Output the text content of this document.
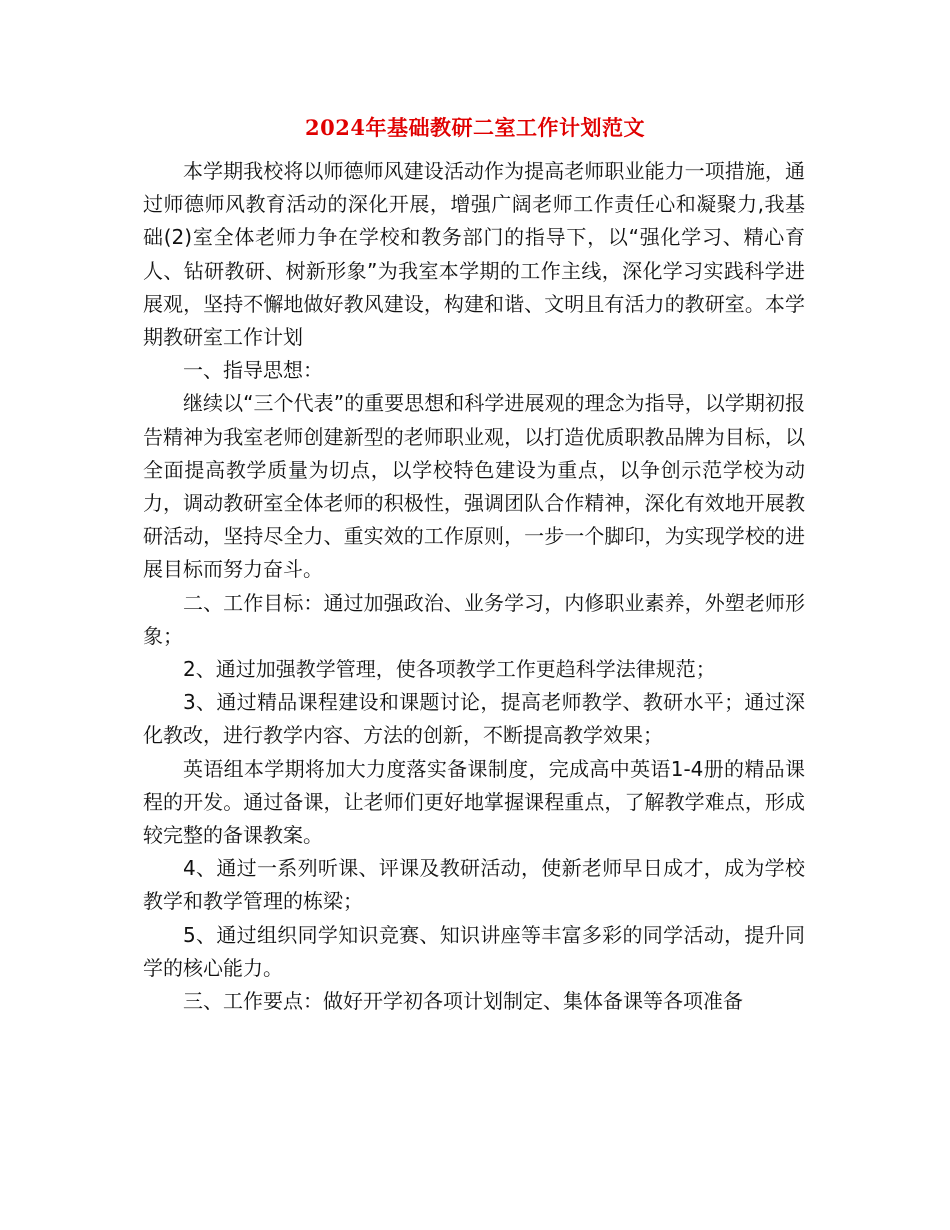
2024年基础教研二室工作计划范文

本学期我校将以师德师风建设活动作为提高老师职业能力一项措施，通过师德师风教育活动的深化开展，增强广阔老师工作责任心和凝聚力,我基础(2)室全体老师力争在学校和教务部门的指导下，以“强化学习、精心育人、钻研教研、树新形象”为我室本学期的工作主线，深化学习实践科学进展观，坚持不懈地做好教风建设，构建和谐、文明且有活力的教研室。本学期教研室工作计划

一、指导思想：

继续以“三个代表”的重要思想和科学进展观的理念为指导，以学期初报告精神为我室老师创建新型的老师职业观，以打造优质职教品牌为目标，以全面提高教学质量为切点，以学校特色建设为重点，以争创示范学校为动力，调动教研室全体老师的积极性，强调团队合作精神，深化有效地开展教研活动，坚持尽全力、重实效的工作原则，一步一个脚印，为实现学校的进展目标而努力奋斗。

二、工作目标：通过加强政治、业务学习，内修职业素养，外塑老师形象；

2、通过加强教学管理，使各项教学工作更趋科学法律规范；

3、通过精品课程建设和课题讨论，提高老师教学、教研水平；通过深化教改，进行教学内容、方法的创新，不断提高教学效果；

英语组本学期将加大力度落实备课制度，完成高中英语1-4册的精品课程的开发。通过备课，让老师们更好地掌握课程重点，了解教学难点，形成较完整的备课教案。

4、通过一系列听课、评课及教研活动，使新老师早日成才，成为学校教学和教学管理的栋梁；

5、通过组织同学知识竞赛、知识讲座等丰富多彩的同学活动，提升同学的核心能力。

三、工作要点：做好开学初各项计划制定、集体备课等各项准备
